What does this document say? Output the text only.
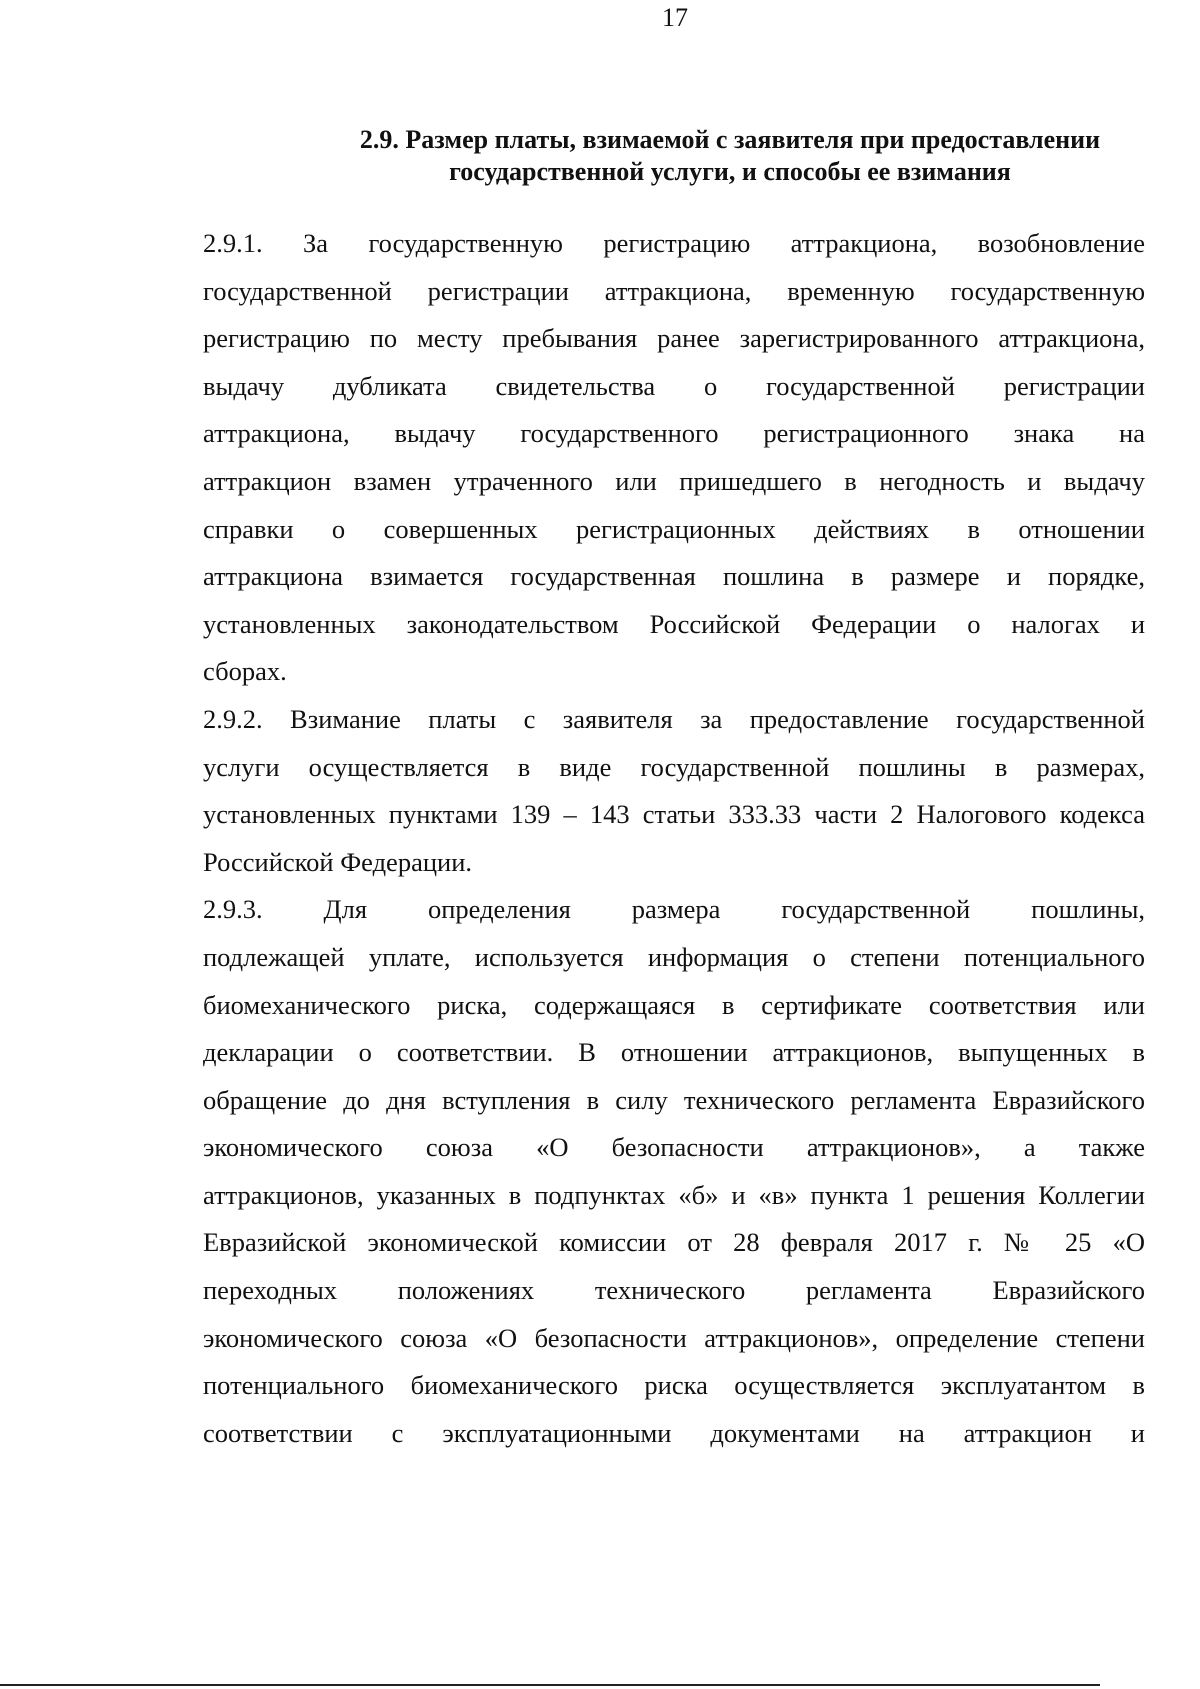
17
2.9. Размер платы, взимаемой с заявителя при предоставлении
государственной услуги, и способы ее взимания
2.9.1. За государственную регистрацию аттракциона, возобновление
государственной регистрации аттракциона, временную государственную
регистрацию по месту пребывания ранее зарегистрированного аттракциона,
выдачу дубликата свидетельства о государственной регистрации
аттракциона, выдачу государственного регистрационного знака на
аттракцион взамен утраченного или пришедшего в негодность и выдачу
справки о совершенных регистрационных действиях в отношении
аттракциона взимается государственная пошлина в размере и порядке,
установленных законодательством Российской Федерации о налогах и
сборах.
2.9.2. Взимание платы с заявителя за предоставление государственной
услуги осуществляется в виде государственной пошлины в размерах,
установленных пунктами 139 – 143 статьи 333.33 части 2 Налогового кодекса
Российской Федерации.
2.9.3. Для определения размера государственной пошлины,
подлежащей уплате, используется информация о степени потенциального
биомеханического риска, содержащаяся в сертификате соответствия или
декларации о соответствии. В отношении аттракционов, выпущенных в
обращение до дня вступления в силу технического регламента Евразийского
экономического союза «О безопасности аттракционов», а также
аттракционов, указанных в подпунктах «б» и «в» пункта 1 решения Коллегии
Евразийской экономической комиссии от 28 февраля 2017 г. № 25 «О
переходных положениях технического регламента Евразийского
экономического союза «О безопасности аттракционов», определение степени
потенциального биомеханического риска осуществляется эксплуатантом в
соответствии с эксплуатационными документами на аттракцион и
